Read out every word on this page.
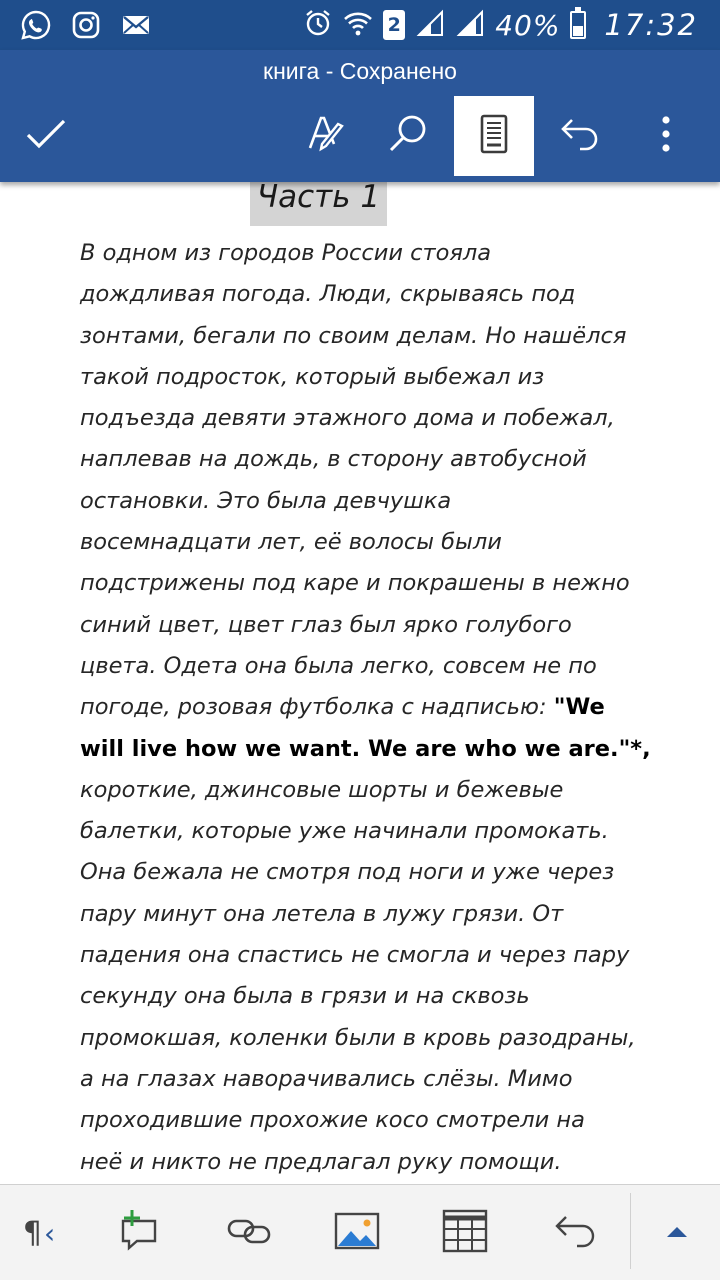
2	40% 17:32
книга - Сохранено
Часть 1
В одном из городов России стояла
дождливая погода. Люди, скрываясь под
зонтами, бегали по своим делам. Но нашёлся
такой подросток, который выбежал из
подъезда девяти этажного дома и побежал,
наплевав на дождь, в сторону автобусной
остановки. Это была девчушка
восемнадцати лет, её волосы были
подстрижены под каре и покрашены в нежно
синий цвет, цвет глаз был ярко голубого
цвета. Одета она была легко, совсем не по
погоде, розовая футболка с надписью: "We
will live how we want. We are who we are."*,
короткие, джинсовые шорты и бежевые
балетки, которые уже начинали промокать.
Она бежала не смотря под ноги и уже через
пару минут она летела в лужу грязи. От
падения она спастись не смогла и через пару
секунду она была в грязи и на сквозь
промокшая, коленки были в кровь разодраны,
а на глазах наворачивались слёзы. Мимо
проходившие прохожие косо смотрели на
неё и никто не предлагал руку помощи.
¶ ‹
